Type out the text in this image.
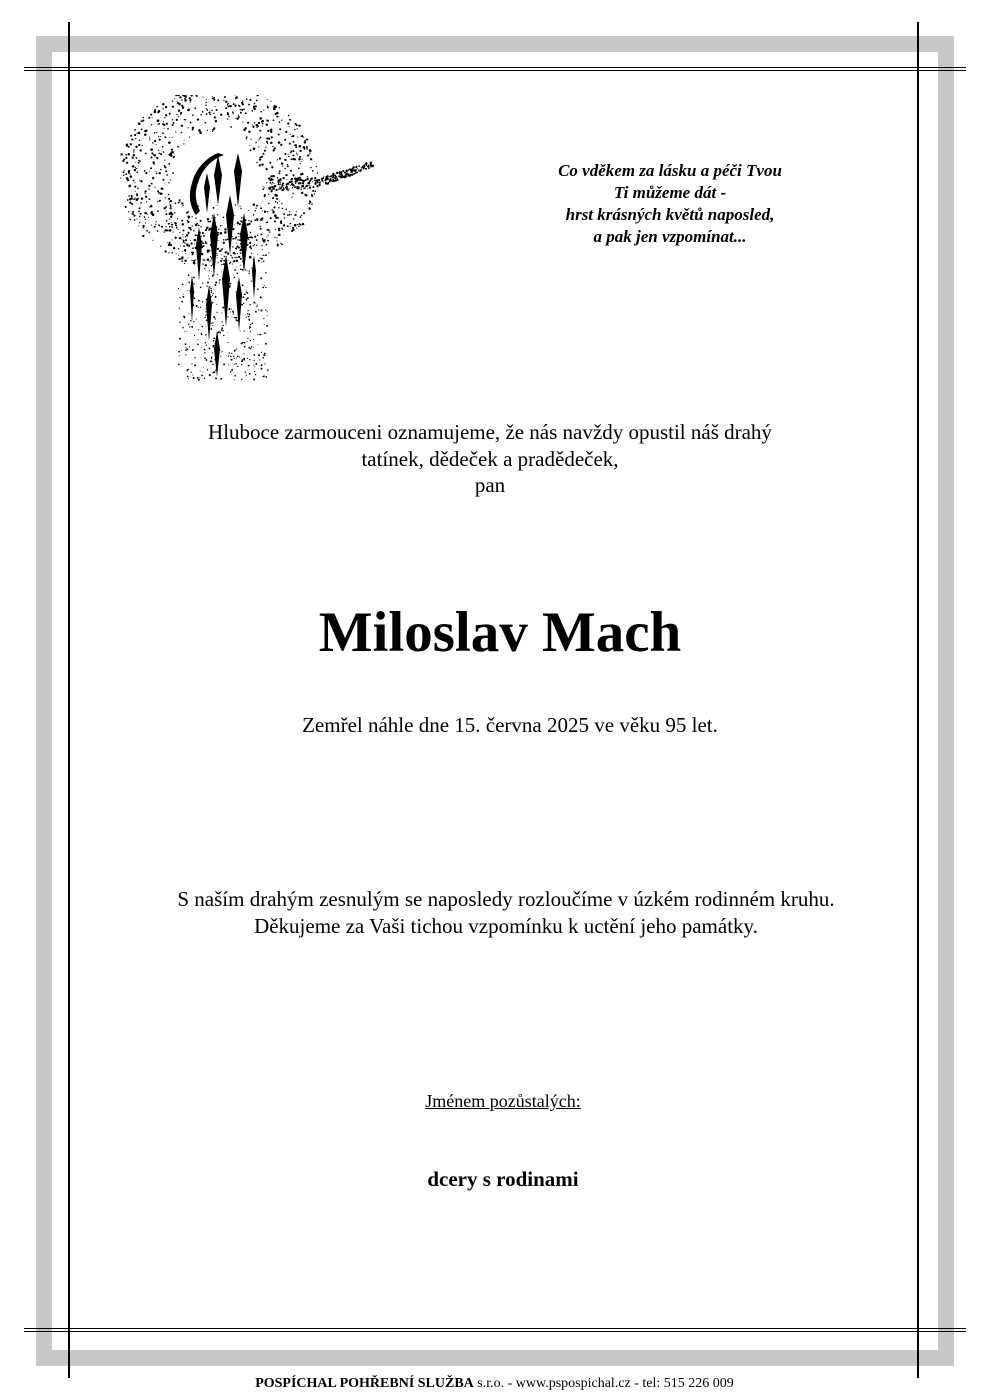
Co vděkem za lásku a péči Tvou
Ti můžeme dát -
hrst krásných květů naposled,
a pak jen vzpomínat...
Hluboce zarmouceni oznamujeme, že nás navždy opustil náš drahý
tatínek, dědeček a pradědeček,
pan
Miloslav Mach
Zemřel náhle dne 15. června 2025 ve věku 95 let.
S naším drahým zesnulým se naposledy rozloučíme v úzkém rodinném kruhu.
Děkujeme za Vaši tichou vzpomínku k uctění jeho památky.
Jménem pozůstalých:
dcery s rodinami
POSPÍCHAL POHŘEBNÍ SLUŽBA s.r.o. - www.pspospichal.cz - tel: 515 226 009
